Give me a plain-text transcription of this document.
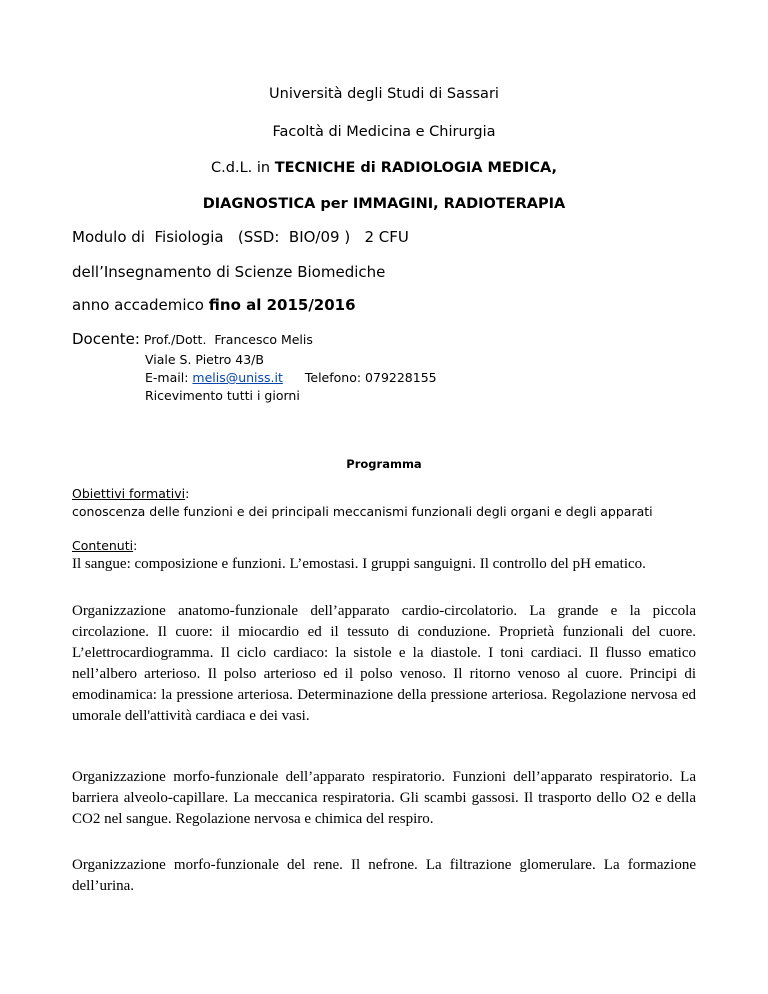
Università degli Studi di Sassari
Facoltà di Medicina e Chirurgia
C.d.L. in TECNICHE di RADIOLOGIA MEDICA,
DIAGNOSTICA per IMMAGINI, RADIOTERAPIA
Modulo di  Fisiologia   (SSD:  BIO/09 )   2 CFU
dell’Insegnamento di Scienze Biomediche
anno accademico fino al 2015/2016
Docente: Prof./Dott.  Francesco Melis
Viale S. Pietro 43/B
E-mail: melis@uniss.it Telefono: 079228155
Ricevimento tutti i giorni
Programma
Obiettivi formativi:
conoscenza delle funzioni e dei principali meccanismi funzionali degli organi e degli apparati
Contenuti:
Il sangue: composizione e funzioni. L’emostasi. I gruppi sanguigni. Il controllo del pH ematico.
Organizzazione anatomo-funzionale dell’apparato cardio-circolatorio. La grande e la piccola circolazione. Il cuore: il miocardio ed il tessuto di conduzione. Proprietà funzionali del cuore. L’elettrocardiogramma. Il ciclo cardiaco: la sistole e la diastole. I toni cardiaci. Il flusso ematico nell’albero arterioso. Il polso arterioso ed il polso venoso. Il ritorno venoso al cuore. Principi di emodinamica: la pressione arteriosa. Determinazione della pressione arteriosa. Regolazione nervosa ed umorale dell'attività cardiaca e dei vasi.
Organizzazione morfo-funzionale dell’apparato respiratorio. Funzioni dell’apparato respiratorio. La barriera alveolo-capillare. La meccanica respiratoria. Gli scambi gassosi. Il trasporto dello O2 e della CO2 nel sangue. Regolazione nervosa e chimica del respiro.
Organizzazione morfo-funzionale del rene. Il nefrone. La filtrazione glomerulare. La formazione dell’urina.
